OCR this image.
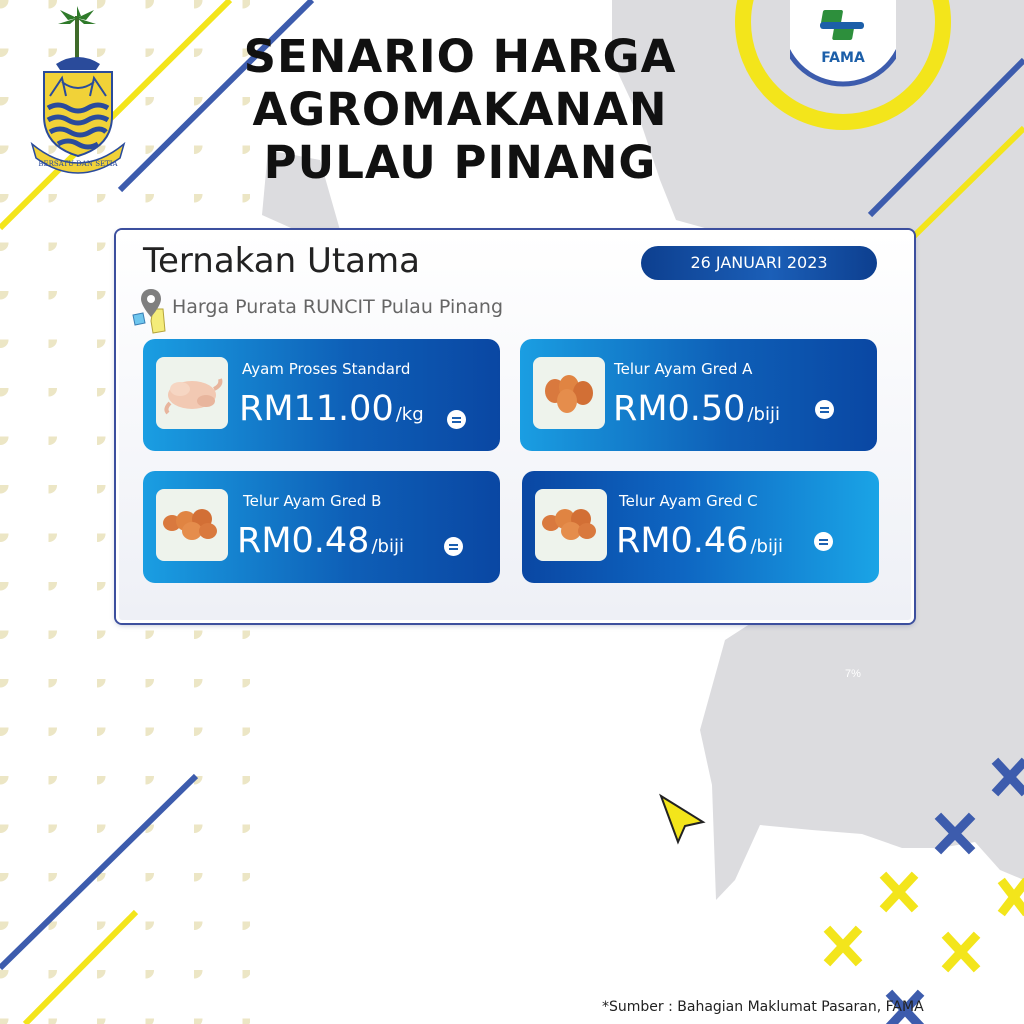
BERSATU DAN SETIA
FAMA
SENARIO HARGA
AGROMAKANAN
PULAU PINANG
Ternakan Utama	26 JANUARI 2023
Harga Purata RUNCIT Pulau Pinang
Ayam Proses Standard
RM11.00 /kg
Telur Ayam Gred A
RM0.50 /biji
Telur Ayam Gred B
RM0.48 /biji
Telur Ayam Gred C
RM0.46 /biji
7%
*Sumber : Bahagian Maklumat Pasaran, FAMA
